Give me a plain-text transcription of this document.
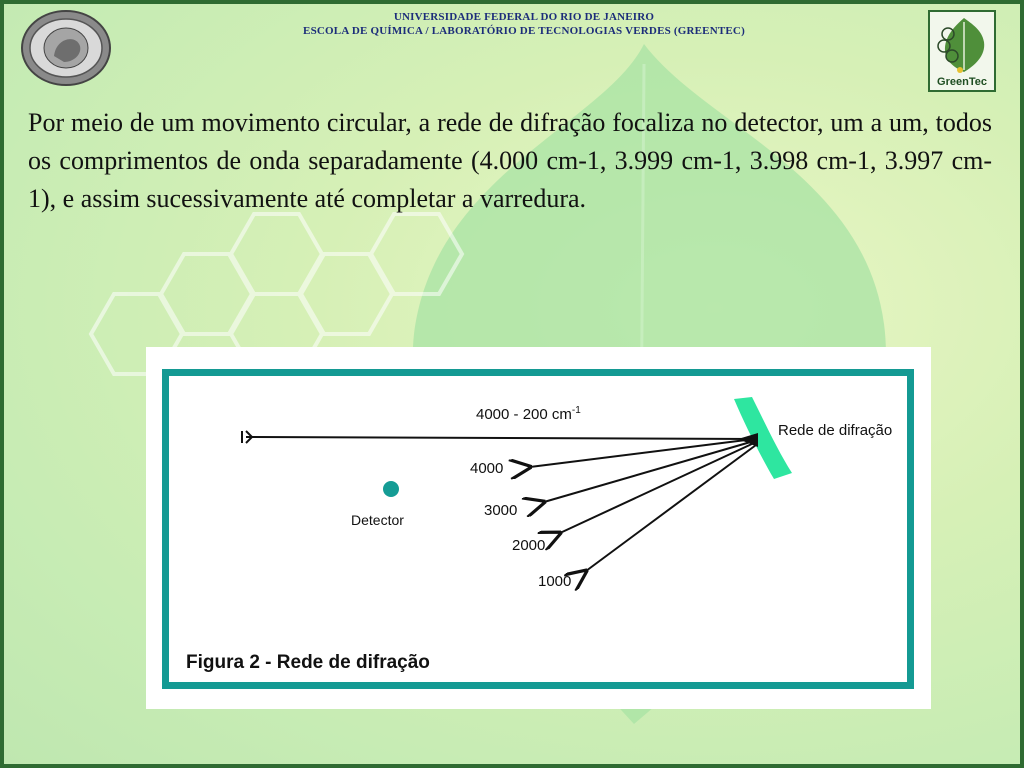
UNIVERSIDADE FEDERAL DO RIO DE JANEIRO
ESCOLA DE QUÍMICA / LABORATÓRIO DE TECNOLOGIAS VERDES (GREENTEC)
GreenTec
Por meio de um movimento circular, a rede de difração focaliza no detector, um a um, todos os comprimentos de onda separadamente (4.000 cm-1, 3.999 cm-1, 3.998 cm-1, 3.997 cm-1), e assim sucessivamente até completar a varredura.
4000 - 200 $cm^{-1}$
Rede de difração
Detector
4000
3000
2000
1000
Figura 2 - Rede de difração
